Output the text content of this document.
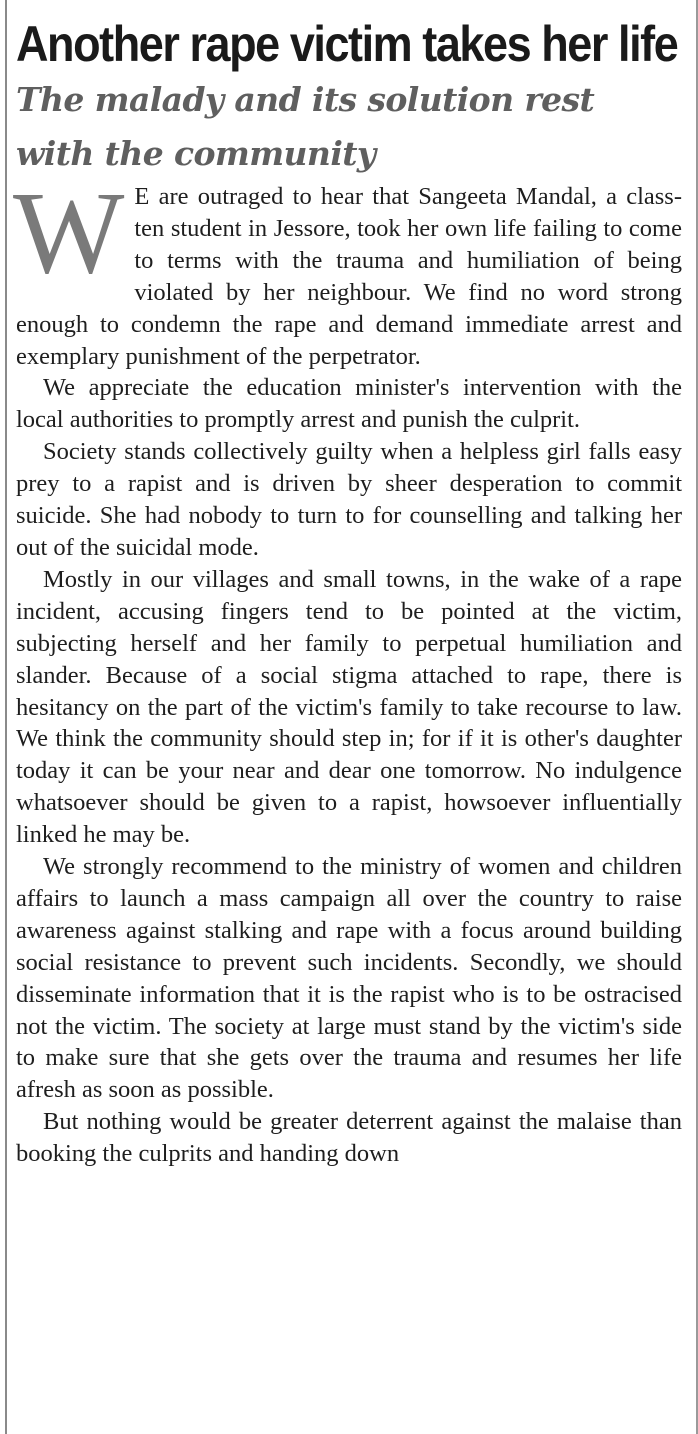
Another rape victim takes her life
The malady and its solution rest with the community

W E are outraged to hear that Sangeeta Mandal, a class-ten student in Jessore, took her own life failing to come to terms with the trauma and humiliation of being violated by her neighbour. We find no word strong enough to condemn the rape and demand immediate arrest and exemplary punishment of the perpetrator.

We appreciate the education minister's intervention with the local authorities to promptly arrest and punish the culprit.

Society stands collectively guilty when a helpless girl falls easy prey to a rapist and is driven by sheer desperation to commit suicide. She had nobody to turn to for counselling and talking her out of the suicidal mode.

Mostly in our villages and small towns, in the wake of a rape incident, accusing fingers tend to be pointed at the victim, subjecting herself and her family to perpetual humiliation and slander. Because of a social stigma attached to rape, there is hesitancy on the part of the victim's family to take recourse to law. We think the community should step in; for if it is other's daughter today it can be your near and dear one tomorrow. No indulgence whatsoever should be given to a rapist, howsoever influentially linked he may be.

We strongly recommend to the ministry of women and children affairs to launch a mass campaign all over the country to raise awareness against stalking and rape with a focus around building social resistance to prevent such incidents. Secondly, we should disseminate information that it is the rapist who is to be ostracised not the victim. The society at large must stand by the victim's side to make sure that she gets over the trauma and resumes her life afresh as soon as possible.

But nothing would be greater deterrent against the malaise than booking the culprits and handing down
